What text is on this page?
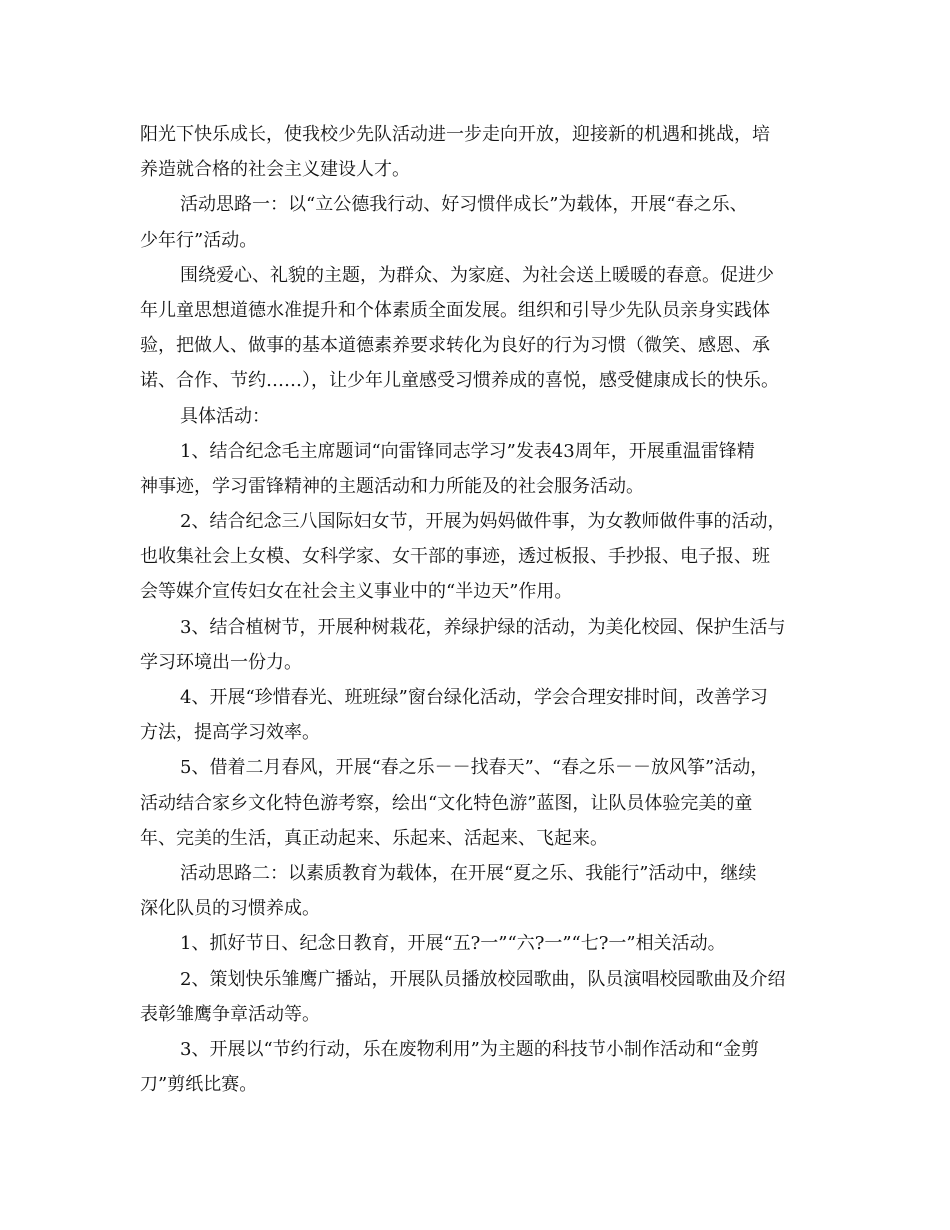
阳光下快乐成长，使我校少先队活动进一步走向开放，迎接新的机遇和挑战，培
养造就合格的社会主义建设人才。
活动思路一：以“立公德我行动、好习惯伴成长”为载体，开展“春之乐、
少年行”活动。
围绕爱心、礼貌的主题，为群众、为家庭、为社会送上暖暖的春意。促进少
年儿童思想道德水准提升和个体素质全面发展。组织和引导少先队员亲身实践体
验，把做人、做事的基本道德素养要求转化为良好的行为习惯（微笑、感恩、承
诺、合作、节约……），让少年儿童感受习惯养成的喜悦，感受健康成长的快乐。
具体活动：
1、结合纪念毛主席题词“向雷锋同志学习”发表43周年，开展重温雷锋精
神事迹，学习雷锋精神的主题活动和力所能及的社会服务活动。
2、结合纪念三八国际妇女节，开展为妈妈做件事，为女教师做件事的活动，
也收集社会上女模、女科学家、女干部的事迹，透过板报、手抄报、电子报、班
会等媒介宣传妇女在社会主义事业中的“半边天”作用。
3、结合植树节，开展种树栽花，养绿护绿的活动，为美化校园、保护生活与
学习环境出一份力。
4、开展“珍惜春光、班班绿”窗台绿化活动，学会合理安排时间，改善学习
方法，提高学习效率。
5、借着二月春风，开展“春之乐－－找春天”、“春之乐－－放风筝”活动，
活动结合家乡文化特色游考察，绘出“文化特色游”蓝图，让队员体验完美的童
年、完美的生活，真正动起来、乐起来、活起来、飞起来。
活动思路二：以素质教育为载体，在开展“夏之乐、我能行”活动中，继续
深化队员的习惯养成。
1、抓好节日、纪念日教育，开展“五?一”“六?一”“七?一”相关活动。
2、策划快乐雏鹰广播站，开展队员播放校园歌曲，队员演唱校园歌曲及介绍
表彰雏鹰争章活动等。
3、开展以“节约行动，乐在废物利用”为主题的科技节小制作活动和“金剪
刀”剪纸比赛。
